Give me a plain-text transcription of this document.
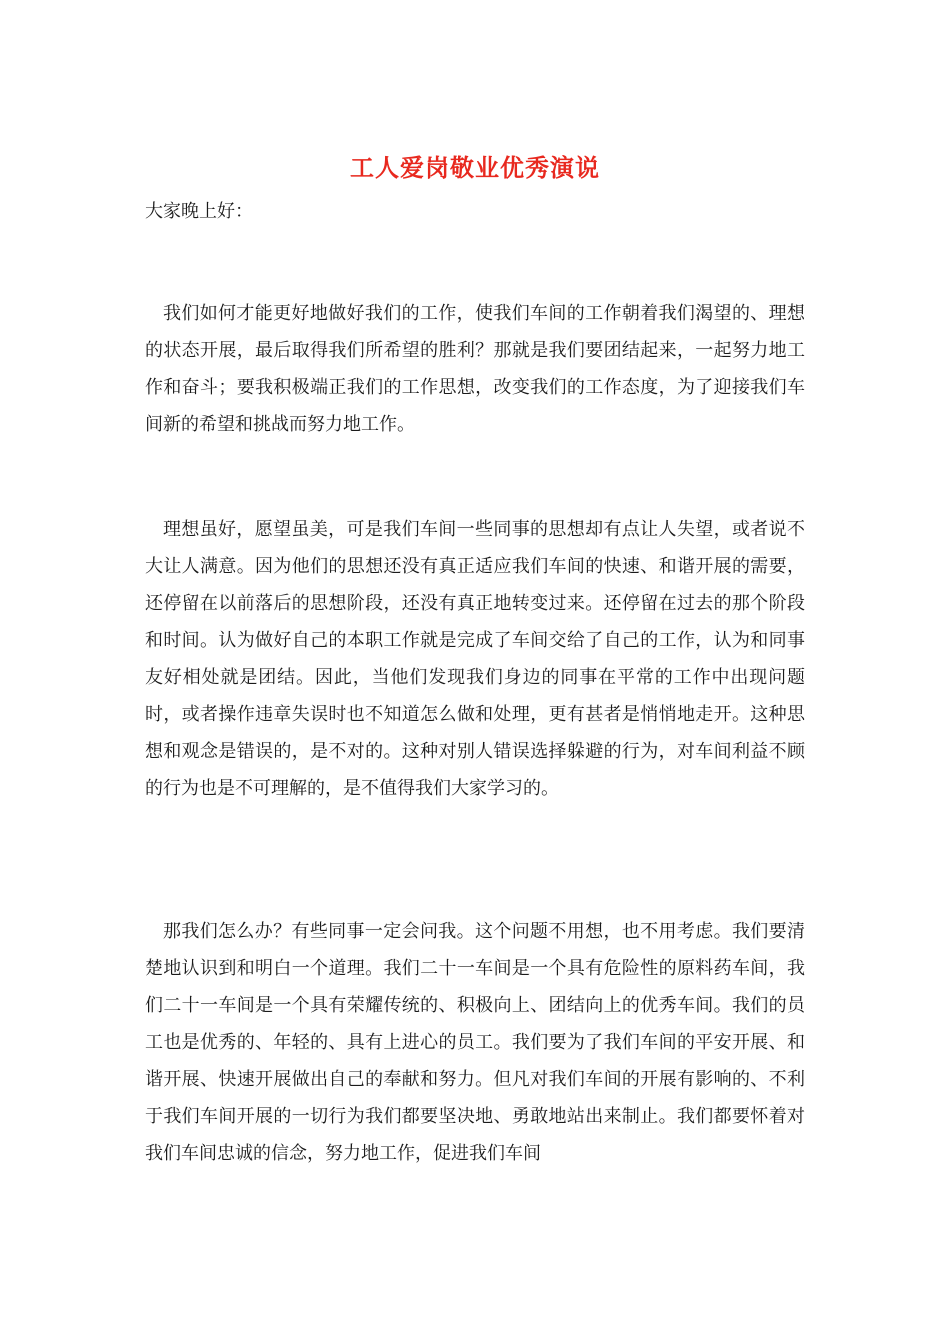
工人爱岗敬业优秀演说

大家晚上好：

我们如何才能更好地做好我们的工作，使我们车间的工作朝着我们渴望的、理想的状态开展，最后取得我们所希望的胜利？那就是我们要团结起来，一起努力地工作和奋斗；要我积极端正我们的工作思想，改变我们的工作态度，为了迎接我们车间新的希望和挑战而努力地工作。

理想虽好，愿望虽美，可是我们车间一些同事的思想却有点让人失望，或者说不大让人满意。因为他们的思想还没有真正适应我们车间的快速、和谐开展的需要，还停留在以前落后的思想阶段，还没有真正地转变过来。还停留在过去的那个阶段和时间。认为做好自己的本职工作就是完成了车间交给了自己的工作，认为和同事友好相处就是团结。因此，当他们发现我们身边的同事在平常的工作中出现问题时，或者操作违章失误时也不知道怎么做和处理，更有甚者是悄悄地走开。这种思想和观念是错误的，是不对的。这种对别人错误选择躲避的行为，对车间利益不顾的行为也是不可理解的，是不值得我们大家学习的。

那我们怎么办？有些同事一定会问我。这个问题不用想，也不用考虑。我们要清楚地认识到和明白一个道理。我们二十一车间是一个具有危险性的原料药车间，我们二十一车间是一个具有荣耀传统的、积极向上、团结向上的优秀车间。我们的员工也是优秀的、年轻的、具有上进心的员工。我们要为了我们车间的平安开展、和谐开展、快速开展做出自己的奉献和努力。但凡对我们车间的开展有影响的、不利于我们车间开展的一切行为我们都要坚决地、勇敢地站出来制止。我们都要怀着对我们车间忠诚的信念，努力地工作，促进我们车间
